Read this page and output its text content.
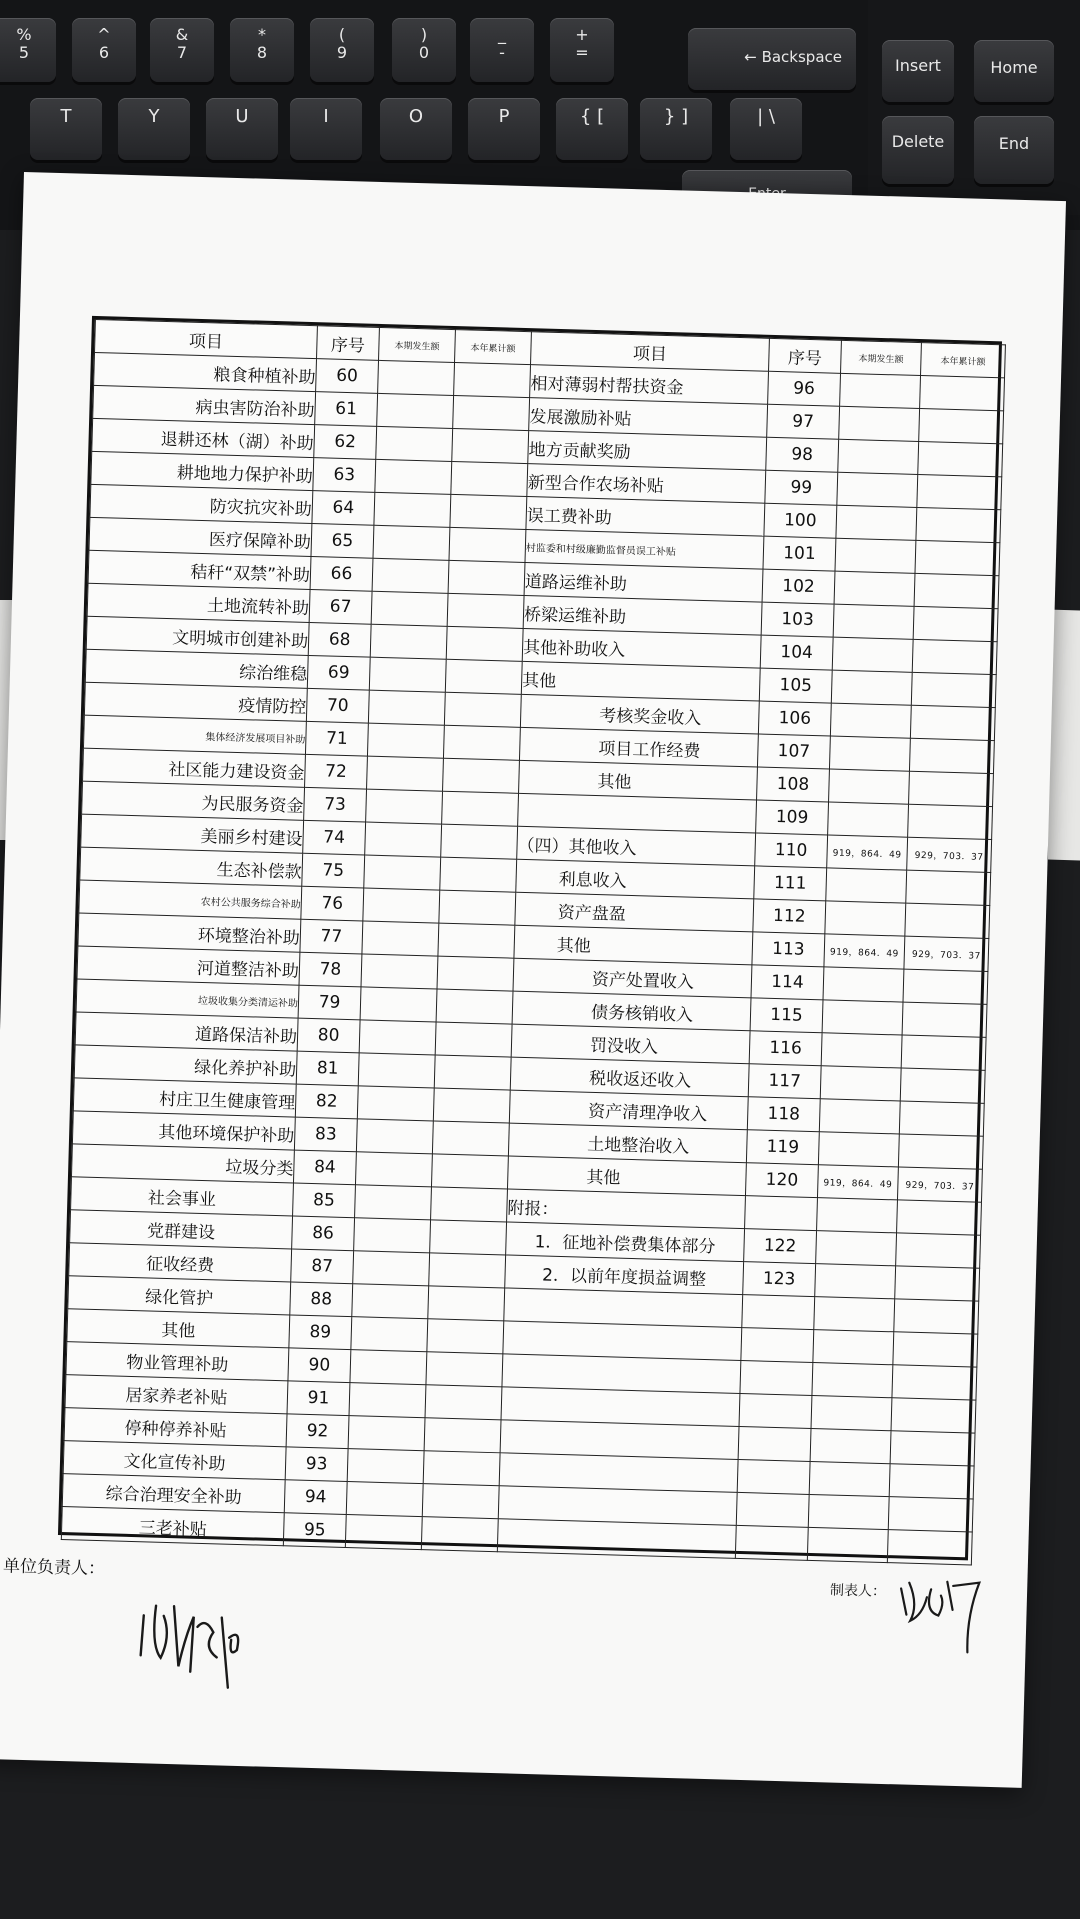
%
5
^
6
&
7
*
8
(
9
)
0
_
-
+
=
T	Y	U	I	O	P	{ [	} ]	| \
← Backspace	Insert	Home
Delete	End
项目	序号	本期发生额	本年累计额	项目	序号	本期发生额	本年累计额
粮食种植补助	60			相对薄弱村帮扶资金	96		
病虫害防治补助	61			发展激励补贴	97		
退耕还林（湖）补助	62			地方贡献奖励	98		
耕地地力保护补助	63			新型合作农场补贴	99		
防灾抗灾补助	64			误工费补助	100		
医疗保障补助	65			村监委和村级廉勤监督员误工补贴	101		
秸秆“双禁”补助	66			道路运维补助	102		
土地流转补助	67			桥梁运维补助	103		
文明城市创建补助	68			其他补助收入	104		
综治维稳	69			其他	105		
疫情防控	70			考核奖金收入	106		
集体经济发展项目补助	71			项目工作经费	107		
社区能力建设资金	72			其他	108		
为民服务资金	73				109		
美丽乡村建设	74			（四）其他收入	110	919，864．49	929，703．37
生态补偿款	75			利息收入	111		
农村公共服务综合补助	76			资产盘盈	112		
环境整治补助	77			其他	113	919，864．49	929，703．37
河道整洁补助	78			资产处置收入	114		
垃圾收集分类清运补助	79			债务核销收入	115		
道路保洁补助	80			罚没收入	116		
绿化养护补助	81			税收返还收入	117		
村庄卫生健康管理	82			资产清理净收入	118		
其他环境保护补助	83			土地整治收入	119		
垃圾分类	84			其他	120	919，864．49	929，703．37
社会事业	85			附报：			
党群建设	86			1．征地补偿费集体部分	122		
征收经费	87			2．以前年度损益调整	123		
绿化管护	88						
其他	89						
物业管理补助	90						
居家养老补贴	91						
停种停养补贴	92						
文化宣传补助	93						
综合治理安全补助	94						
三老补贴	95						
单位负责人：
制表人：
